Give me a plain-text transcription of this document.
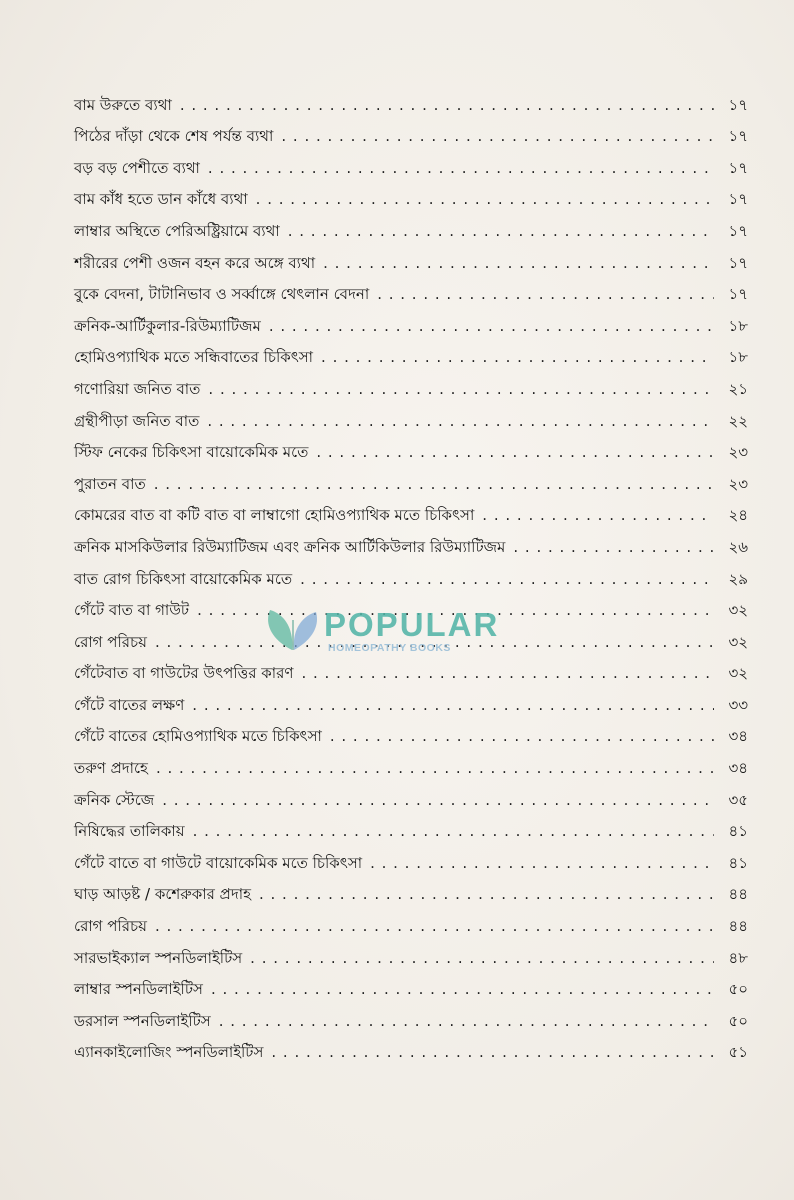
বাম উরুতে ব্যথা . . .	১৭
পিঠের দাঁড়া থেকে শেষ পর্যন্ত ব্যথা . . .	১৭
বড় বড় পেশীতে ব্যথা . . .	১৭
বাম কাঁধ হতে ডান কাঁধে ব্যথা . . .	১৭
লাম্বার অস্থিতে পেরিঅষ্ট্রিয়ামে ব্যথা . . .	১৭
শরীরের পেশী ওজন বহন করে অঙ্গে ব্যথা . . .	১৭
বুকে বেদনা, টাটানিভাব ও সর্ব্বাঙ্গে থেৎলান বেদনা . . .	১৭
ক্রনিক-আর্টিকুলার-রিউম্যাটিজম . . .	১৮
হোমিওপ্যাথিক মতে সন্ধিবাতের চিকিৎসা . . .	১৮
গণোরিয়া জনিত বাত . . .	২১
গ্রন্থীপীড়া জনিত বাত . . .	২২
স্টিফ নেকের চিকিৎসা বায়োকেমিক মতে . . .	২৩
পুরাতন বাত . . .	২৩
কোমরের বাত বা কটি বাত বা লাম্বাগো হোমিওপ্যাথিক মতে চিকিৎসা . . .	২৪
ক্রনিক মাসকিউলার রিউম্যাটিজম এবং ক্রনিক আর্টিকিউলার রিউম্যাটিজম . . .	২৬
বাত রোগ চিকিৎসা বায়োকেমিক মতে . . .	২৯
গেঁটে বাত বা গাউট . . .	৩২
রোগ পরিচয় . . .	৩২
গেঁটেবাত বা গাউটের উৎপত্তির কারণ . . .	৩২
গেঁটে বাতের লক্ষণ . . .	৩৩
গেঁটে বাতের হোমিওপ্যাথিক মতে চিকিৎসা . . .	৩৪
তরুণ প্রদাহে . . .	৩৪
ক্রনিক স্টেজে . . .	৩৫
নিষিদ্ধের তালিকায় . . .	৪১
গেঁটে বাতে বা গাউটে বায়োকেমিক মতে চিকিৎসা . . .	৪১
ঘাড় আড়ষ্ট / কশেরুকার প্রদাহ . . .	৪৪
রোগ পরিচয় . . .	৪৪
সারভাইক্যাল স্পনডিলাইটিস . . .	৪৮
লাম্বার স্পনডিলাইটিস . . .	৫০
ডরসাল স্পনডিলাইটিস . . .	৫০
এ্যানকাইলোজিং স্পনডিলাইটিস . . .	৫১
POPULAR
HOMEOPATHY BOOKS
